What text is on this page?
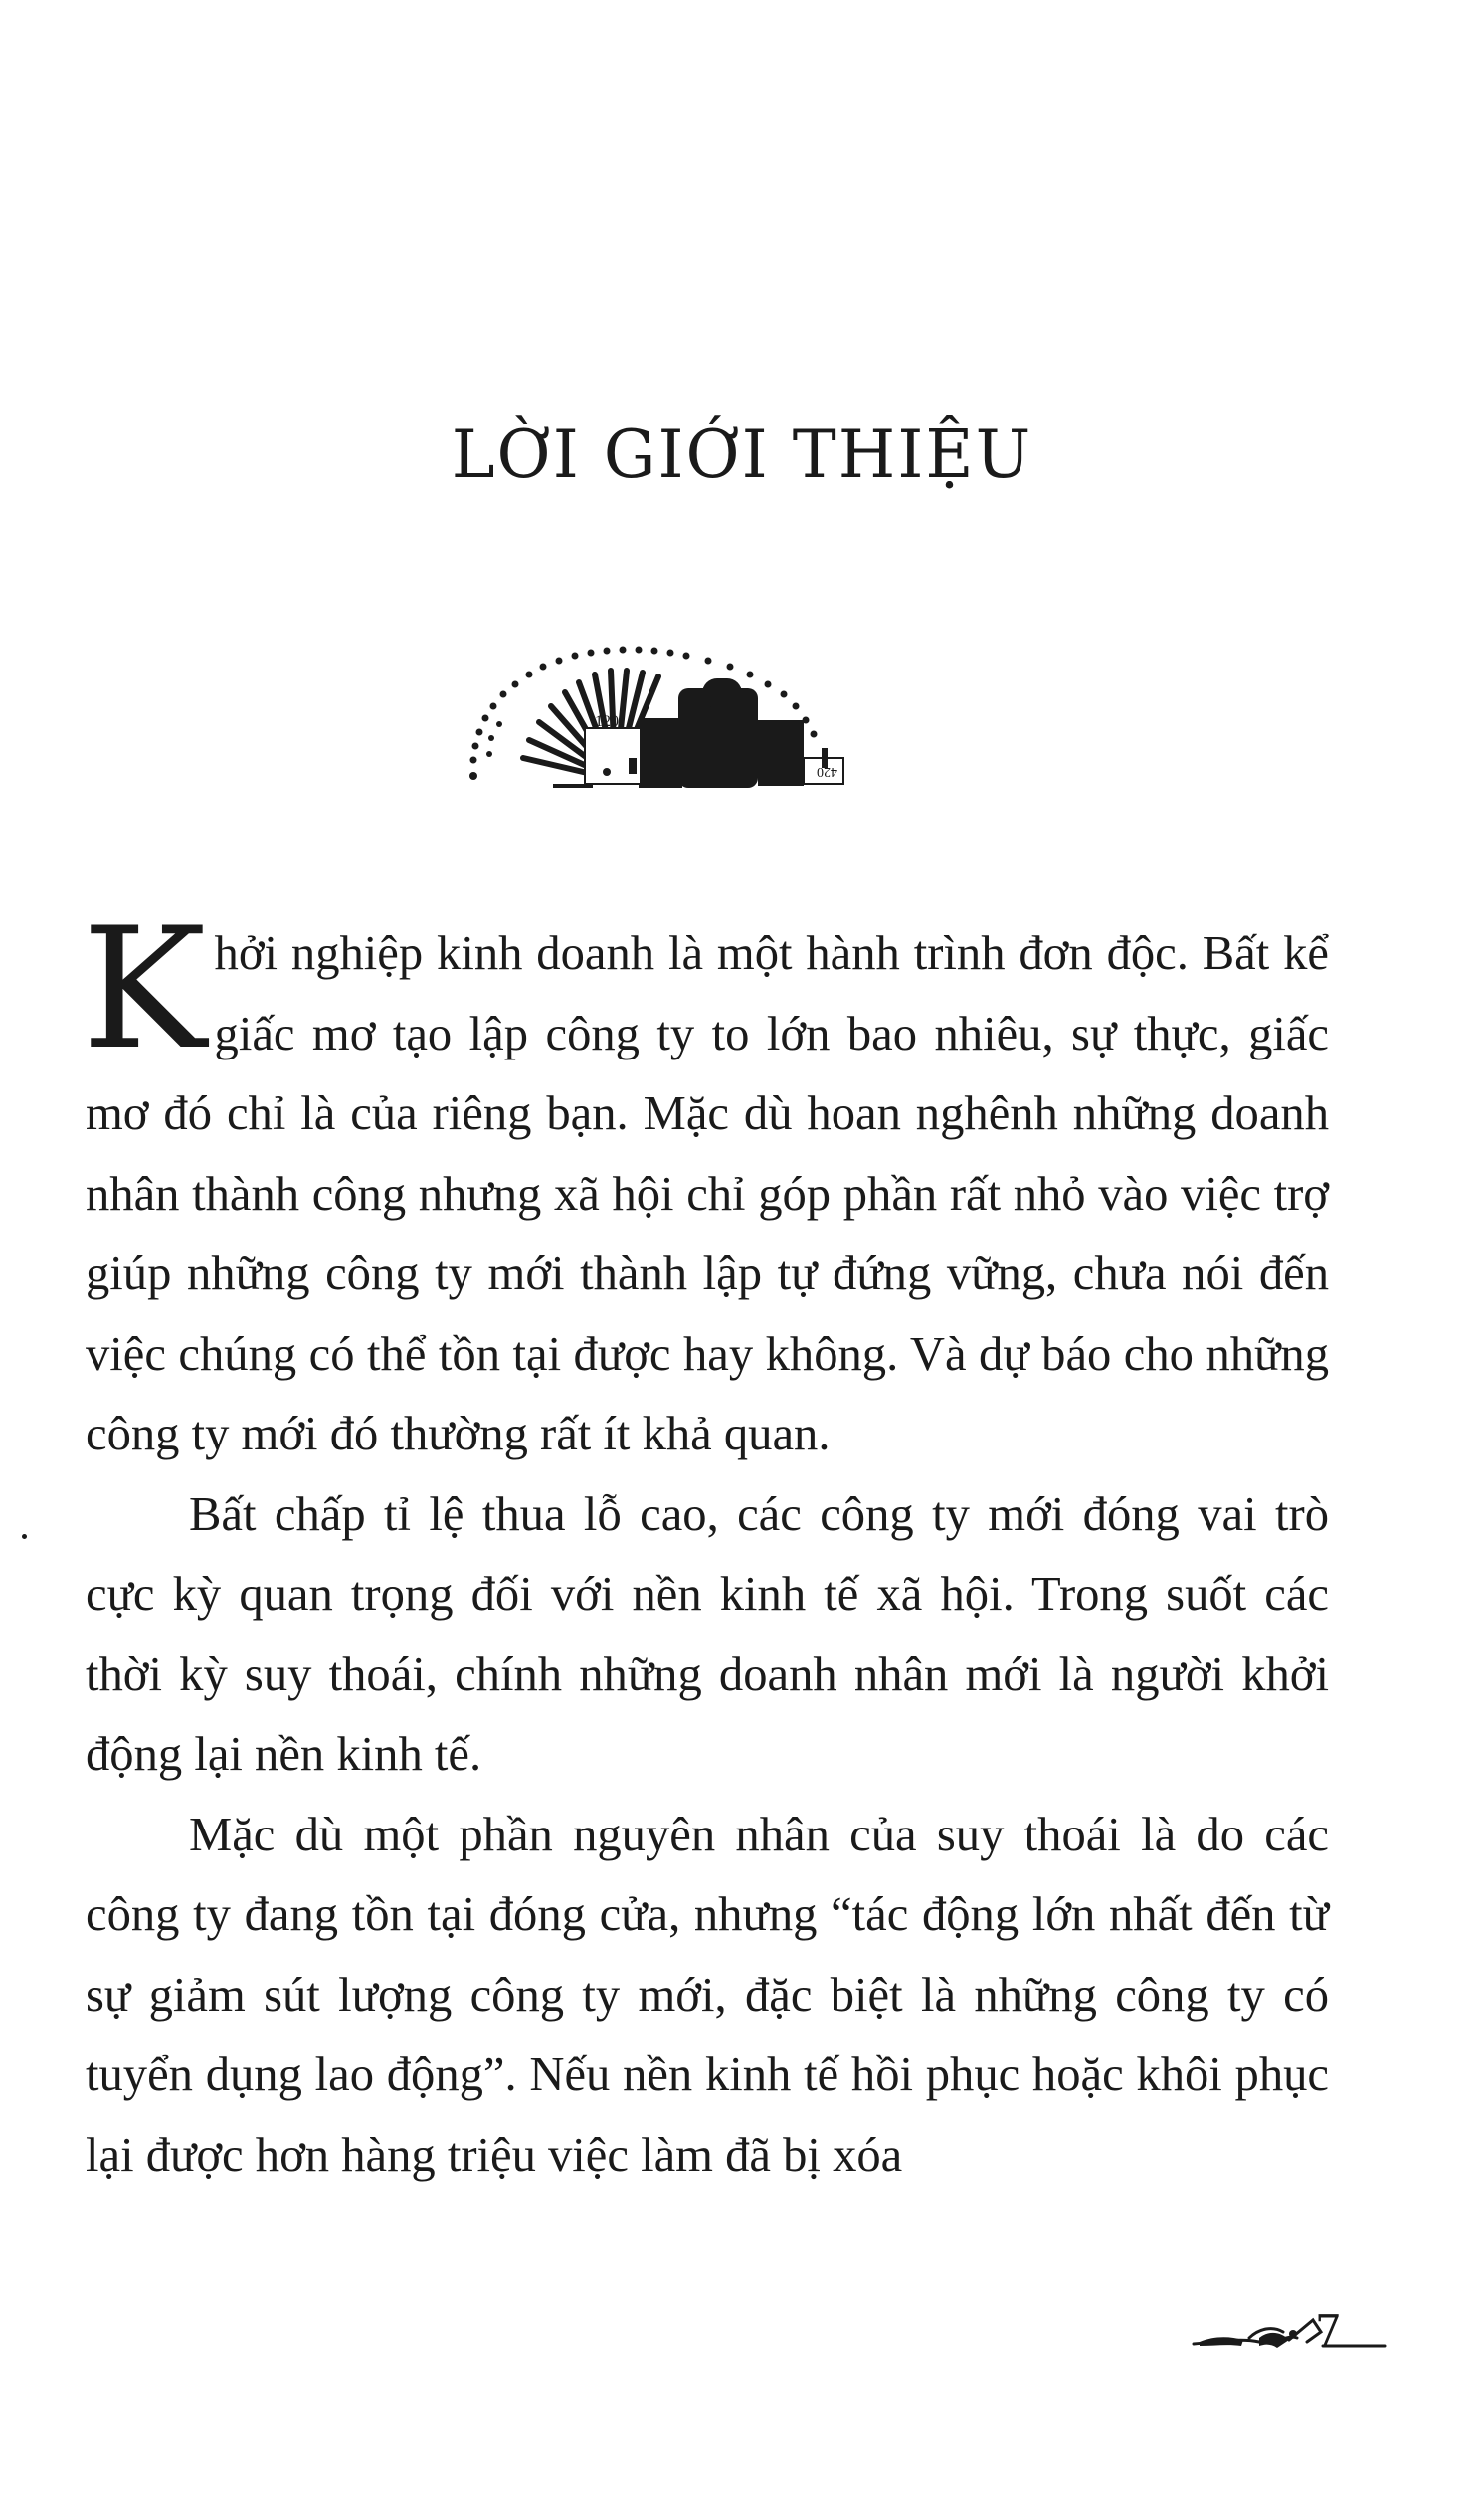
LỜI GIỚI THIỆU
120
420

Khởi nghiệp kinh doanh là một hành trình đơn độc. Bất kể giấc mơ tạo lập công ty to lớn bao nhiêu, sự thực, giấc mơ đó chỉ là của riêng bạn. Mặc dù hoan nghênh những doanh nhân thành công nhưng xã hội chỉ góp phần rất nhỏ vào việc trợ giúp những công ty mới thành lập tự đứng vững, chưa nói đến việc chúng có thể tồn tại được hay không. Và dự báo cho những công ty mới đó thường rất ít khả quan.

Bất chấp tỉ lệ thua lỗ cao, các công ty mới đóng vai trò cực kỳ quan trọng đối với nền kinh tế xã hội. Trong suốt các thời kỳ suy thoái, chính những doanh nhân mới là người khởi động lại nền kinh tế.

Mặc dù một phần nguyên nhân của suy thoái là do các công ty đang tồn tại đóng cửa, nhưng “tác động lớn nhất đến từ sự giảm sút lượng công ty mới, đặc biệt là những công ty có tuyển dụng lao động”. Nếu nền kinh tế hồi phục hoặc khôi phục lại được hơn hàng triệu việc làm đã bị xóa

7
